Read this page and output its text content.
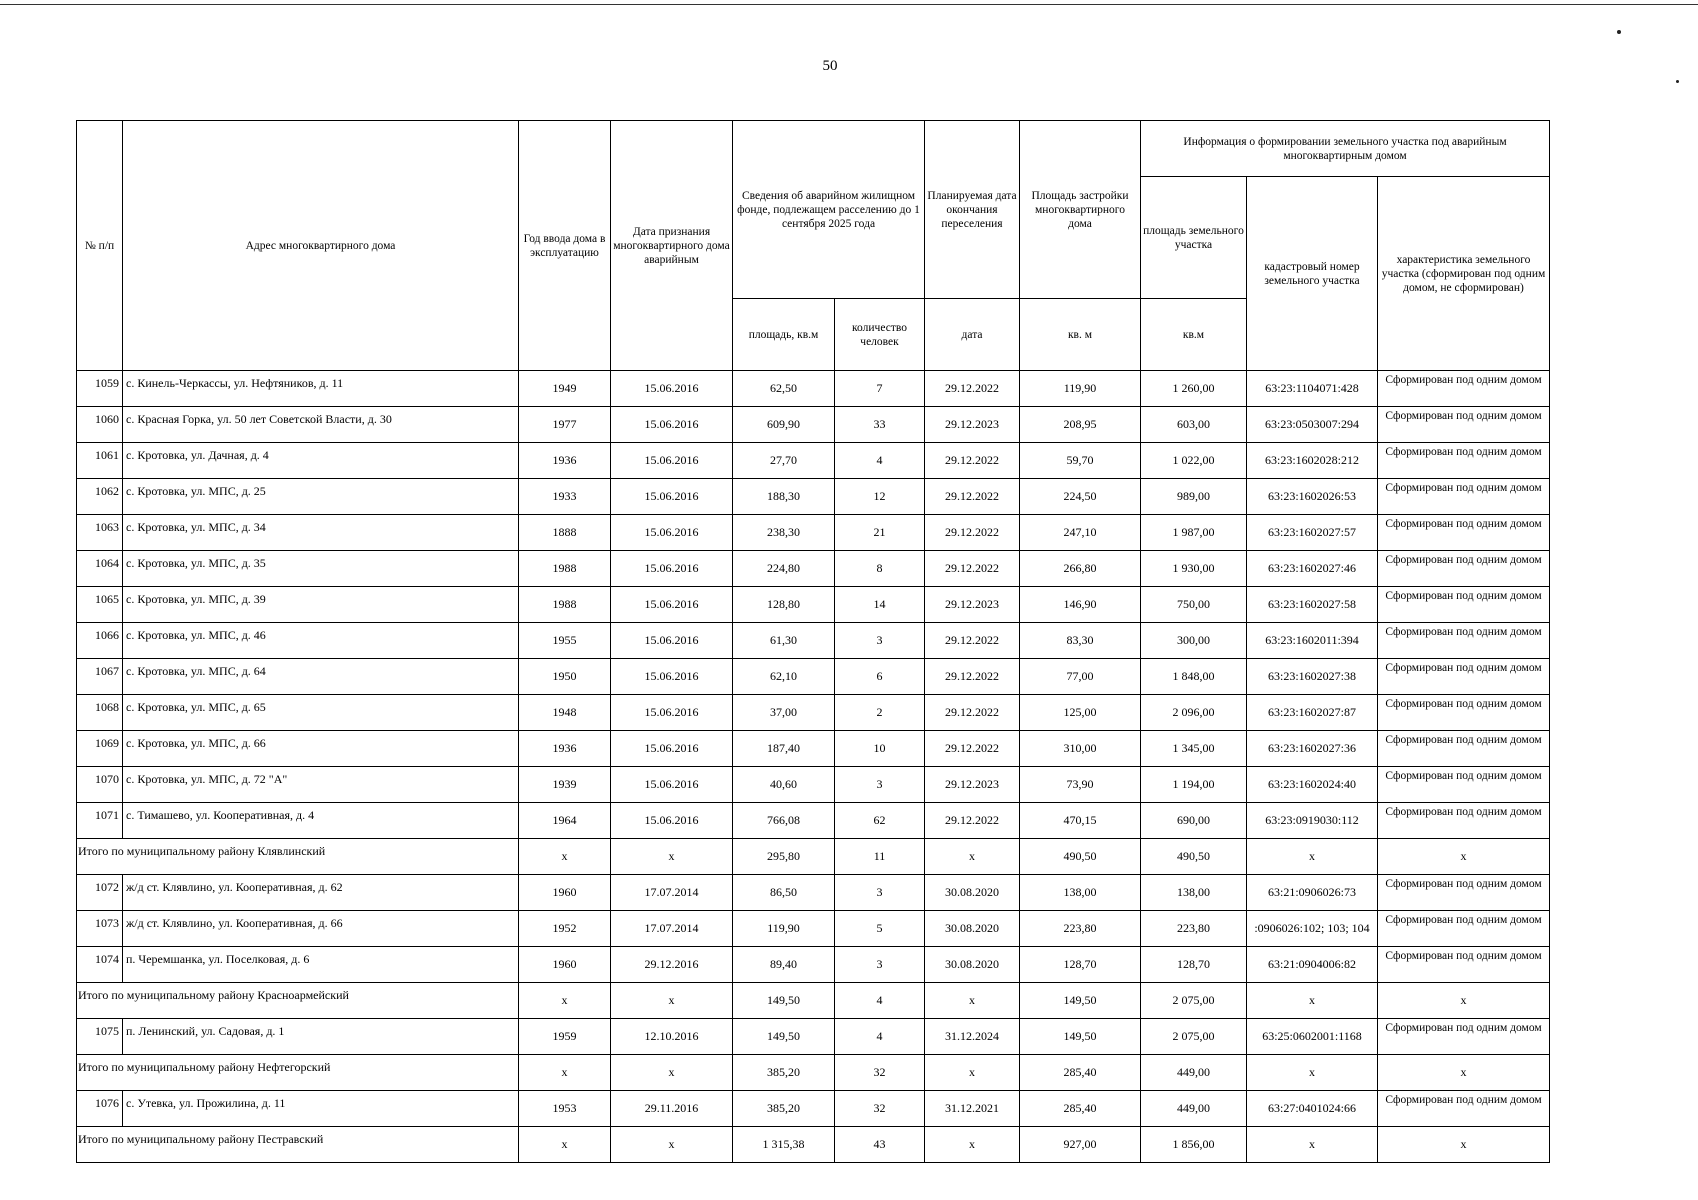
50
№ п/п	Адрес многоквартирного дома	Год ввода дома в эксплуатацию	Дата признания многоквартирного дома аварийным	Сведения об аварийном жилищном фонде, подлежащем расселению до 1 сентября 2025 года		Планируемая дата окончания переселения	Площадь застройки многоквартирного дома	Информация о формировании земельного участка под аварийным многоквартирным домом		
								площадь земельного участка	кадастровый номер земельного участка	характеристика земельного участка (сформирован под одним домом, не сформирован)
				площадь, кв.м	количество человек	дата	кв. м	кв.м		
1059	с. Кинель-Черкассы, ул. Нефтяников, д. 11	1949	15.06.2016	62,50	7	29.12.2022	119,90	1 260,00	63:23:1104071:428	Сформирован под одним домом
1060	с. Красная Горка, ул. 50 лет Советской Власти, д. 30	1977	15.06.2016	609,90	33	29.12.2023	208,95	603,00	63:23:0503007:294	Сформирован под одним домом
1061	с. Кротовка, ул. Дачная, д. 4	1936	15.06.2016	27,70	4	29.12.2022	59,70	1 022,00	63:23:1602028:212	Сформирован под одним домом
1062	с. Кротовка, ул. МПС, д. 25	1933	15.06.2016	188,30	12	29.12.2022	224,50	989,00	63:23:1602026:53	Сформирован под одним домом
1063	с. Кротовка, ул. МПС, д. 34	1888	15.06.2016	238,30	21	29.12.2022	247,10	1 987,00	63:23:1602027:57	Сформирован под одним домом
1064	с. Кротовка, ул. МПС, д. 35	1988	15.06.2016	224,80	8	29.12.2022	266,80	1 930,00	63:23:1602027:46	Сформирован под одним домом
1065	с. Кротовка, ул. МПС, д. 39	1988	15.06.2016	128,80	14	29.12.2023	146,90	750,00	63:23:1602027:58	Сформирован под одним домом
1066	с. Кротовка, ул. МПС, д. 46	1955	15.06.2016	61,30	3	29.12.2022	83,30	300,00	63:23:1602011:394	Сформирован под одним домом
1067	с. Кротовка, ул. МПС, д. 64	1950	15.06.2016	62,10	6	29.12.2022	77,00	1 848,00	63:23:1602027:38	Сформирован под одним домом
1068	с. Кротовка, ул. МПС, д. 65	1948	15.06.2016	37,00	2	29.12.2022	125,00	2 096,00	63:23:1602027:87	Сформирован под одним домом
1069	с. Кротовка, ул. МПС, д. 66	1936	15.06.2016	187,40	10	29.12.2022	310,00	1 345,00	63:23:1602027:36	Сформирован под одним домом
1070	с. Кротовка, ул. МПС, д. 72 "А"	1939	15.06.2016	40,60	3	29.12.2023	73,90	1 194,00	63:23:1602024:40	Сформирован под одним домом
1071	с. Тимашево, ул. Кооперативная, д. 4	1964	15.06.2016	766,08	62	29.12.2022	470,15	690,00	63:23:0919030:112	Сформирован под одним домом
Итого по муниципальному району Клявлинский		x	x	295,80	11	x	490,50	490,50	x	x
1072	ж/д ст. Клявлино, ул. Кооперативная, д. 62	1960	17.07.2014	86,50	3	30.08.2020	138,00	138,00	63:21:0906026:73	Сформирован под одним домом
1073	ж/д ст. Клявлино, ул. Кооперативная, д. 66	1952	17.07.2014	119,90	5	30.08.2020	223,80	223,80	:0906026:102; 103; 104	Сформирован под одним домом
1074	п. Черемшанка, ул. Поселковая, д. 6	1960	29.12.2016	89,40	3	30.08.2020	128,70	128,70	63:21:0904006:82	Сформирован под одним домом
Итого по муниципальному району Красноармейский		x	x	149,50	4	x	149,50	2 075,00	x	x
1075	п. Ленинский, ул. Садовая, д. 1	1959	12.10.2016	149,50	4	31.12.2024	149,50	2 075,00	63:25:0602001:1168	Сформирован под одним домом
Итого по муниципальному району Нефтегорский		x	x	385,20	32	x	285,40	449,00	x	x
1076	с. Утевка, ул. Прожилина, д. 11	1953	29.11.2016	385,20	32	31.12.2021	285,40	449,00	63:27:0401024:66	Сформирован под одним домом
Итого по муниципальному району Пестравский		x	x	1 315,38	43	x	927,00	1 856,00	x	x
